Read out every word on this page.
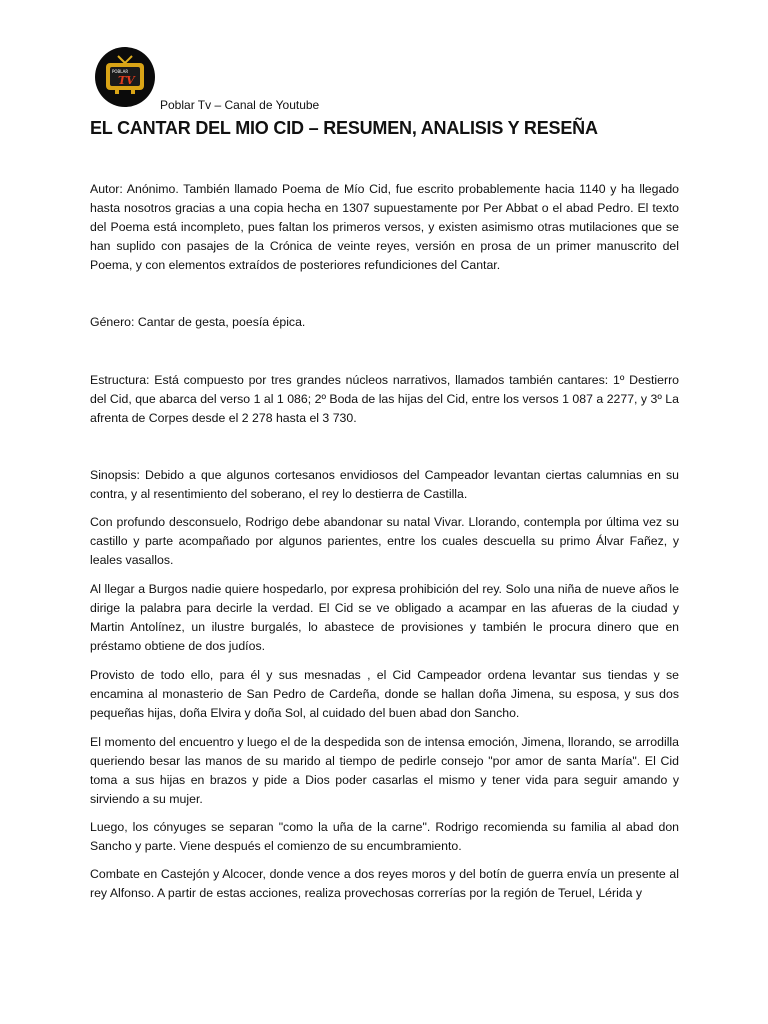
POBLAR
TV
Poblar Tv – Canal de Youtube
EL CANTAR DEL MIO CID – RESUMEN, ANALISIS Y RESEÑA

Autor: Anónimo. También llamado Poema de Mío Cid, fue escrito probablemente hacia 1140 y ha llegado hasta nosotros gracias a una copia hecha en 1307 supuestamente por Per Abbat o el abad Pedro. El texto del Poema está incompleto, pues faltan los primeros versos, y existen asimismo otras mutilaciones que se han suplido con pasajes de la Crónica de veinte reyes, versión en prosa de un primer manuscrito del Poema, y con elementos extraídos de posteriores refundiciones del Cantar.

Género: Cantar de gesta, poesía épica.

Estructura: Está compuesto por tres grandes núcleos narrativos, llamados también cantares: 1º Destierro del Cid, que abarca del verso 1 al 1 086; 2º Boda de las hijas del Cid, entre los versos 1 087 a 2277, y 3º La afrenta de Corpes desde el 2 278 hasta el 3 730.

Sinopsis: Debido a que algunos cortesanos envidiosos del Campeador levantan ciertas calumnias en su contra, y al resentimiento del soberano, el rey lo destierra de Castilla.

Con profundo desconsuelo, Rodrigo debe abandonar su natal Vivar. Llorando, contempla por última vez su castillo y parte acompañado por algunos parientes, entre los cuales descuella su primo Álvar Fañez, y leales vasallos.

Al llegar a Burgos nadie quiere hospedarlo, por expresa prohibición del rey. Solo una niña de nueve años le dirige la palabra para decirle la verdad. El Cid se ve obligado a acampar en las afueras de la ciudad y Martin Antolínez, un ilustre burgalés, lo abastece de provisiones y también le procura dinero que en préstamo obtiene de dos judíos.

Provisto de todo ello, para él y sus mesnadas , el Cid Campeador ordena levantar sus tiendas y se encamina al monasterio de San Pedro de Cardeña, donde se hallan doña Jimena, su esposa, y sus dos pequeñas hijas, doña Elvira y doña Sol, al cuidado del buen abad don Sancho.

El momento del encuentro y luego el de la despedida son de intensa emoción, Jimena, llorando, se arrodilla queriendo besar las manos de su marido al tiempo de pedirle consejo "por amor de santa María". El Cid toma a sus hijas en brazos y pide a Dios poder casarlas el mismo y tener vida para seguir amando y sirviendo a su mujer.

Luego, los cónyuges se separan "como la uña de la carne". Rodrigo recomienda su familia al abad don Sancho y parte. Viene después el comienzo de su encumbramiento.

Combate en Castejón y Alcocer, donde vence a dos reyes moros y del botín de guerra envía un presente al rey Alfonso. A partir de estas acciones, realiza provechosas correrías por la región de Teruel, Lérida y
